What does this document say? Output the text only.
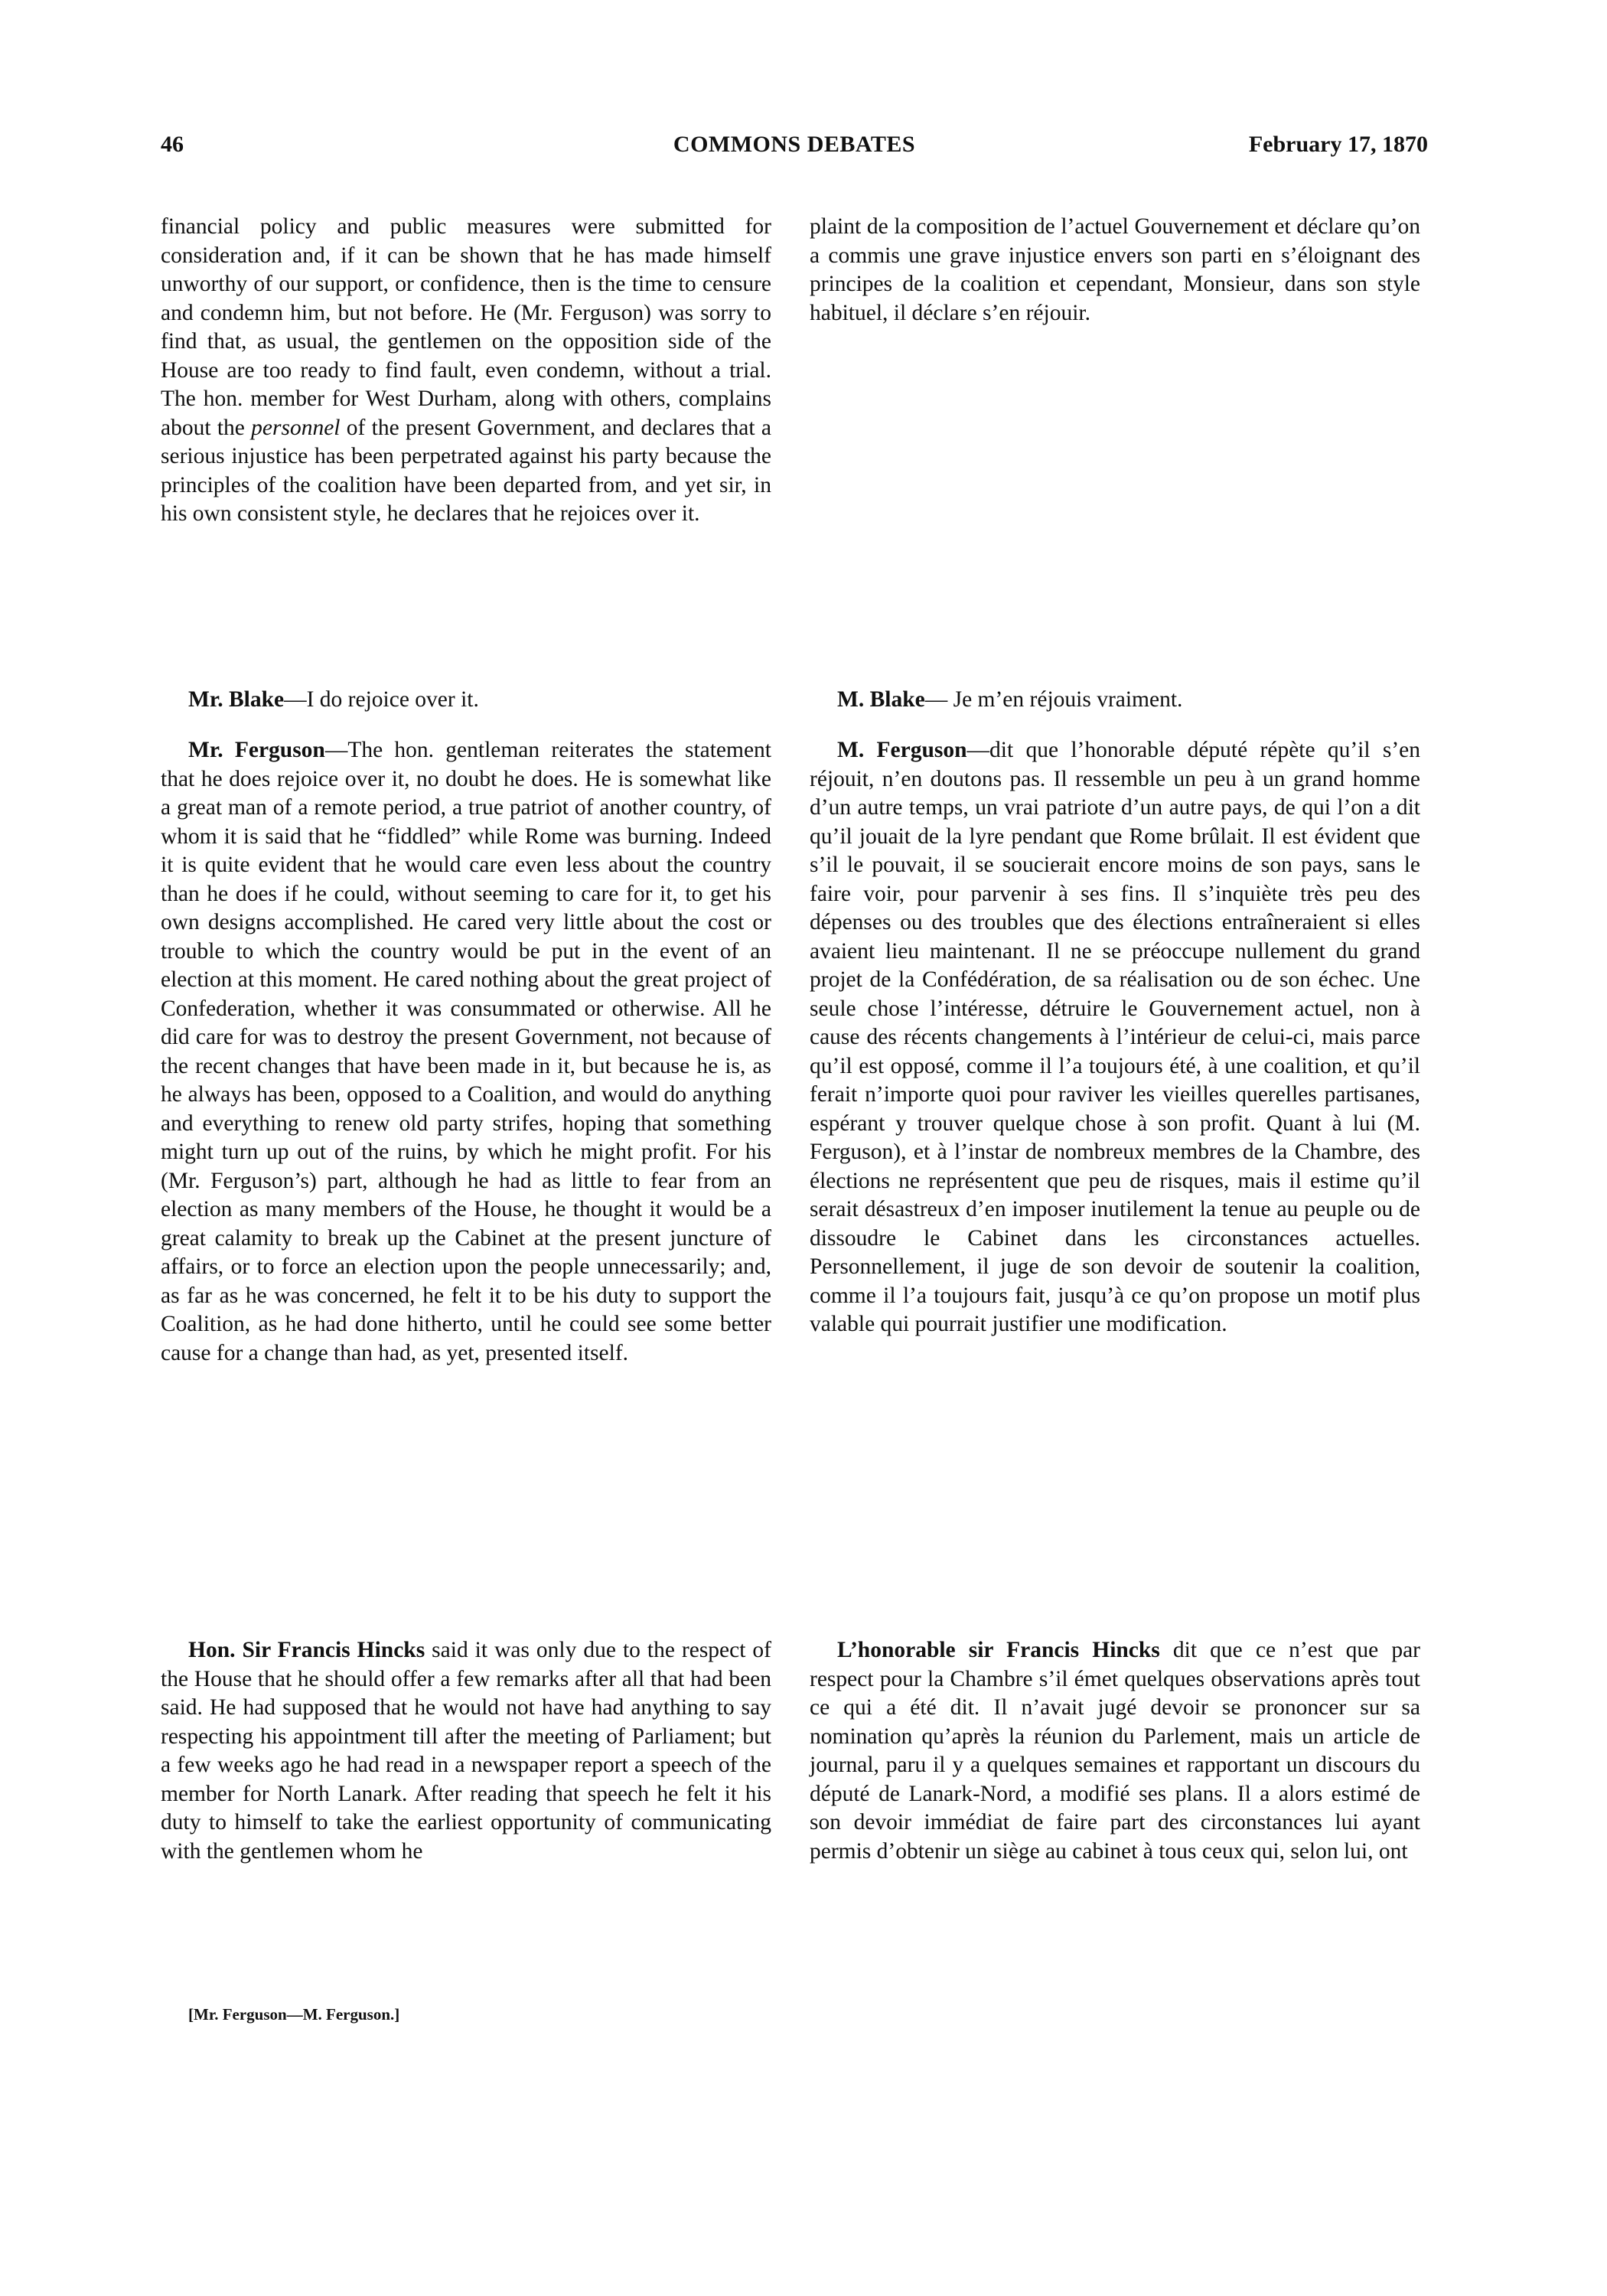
46	COMMONS DEBATES	February 17, 1870

financial policy and public measures were submitted for consideration and, if it can be shown that he has made himself unworthy of our support, or confidence, then is the time to censure and condemn him, but not before. He (Mr. Ferguson) was sorry to find that, as usual, the gentlemen on the opposition side of the House are too ready to find fault, even condemn, without a trial. The hon. member for West Durham, along with others, complains about the personnel of the present Government, and declares that a serious injustice has been perpetrated against his party because the principles of the coalition have been departed from, and yet sir, in his own consistent style, he declares that he rejoices over it.

Mr. Blake—I do rejoice over it.

Mr. Ferguson—The hon. gentleman reiterates the statement that he does rejoice over it, no doubt he does. He is somewhat like a great man of a remote period, a true patriot of another country, of whom it is said that he “fiddled” while Rome was burning. Indeed it is quite evident that he would care even less about the country than he does if he could, without seeming to care for it, to get his own designs accomplished. He cared very little about the cost or trouble to which the country would be put in the event of an election at this moment. He cared nothing about the great project of Confederation, whether it was consummated or otherwise. All he did care for was to destroy the present Government, not because of the recent changes that have been made in it, but because he is, as he always has been, opposed to a Coalition, and would do anything and everything to renew old party strifes, hoping that something might turn up out of the ruins, by which he might profit. For his (Mr. Ferguson’s) part, although he had as little to fear from an election as many members of the House, he thought it would be a great calamity to break up the Cabinet at the present juncture of affairs, or to force an election upon the people unnecessarily; and, as far as he was concerned, he felt it to be his duty to support the Coalition, as he had done hitherto, until he could see some better cause for a change than had, as yet, presented itself.

Hon. Sir Francis Hincks said it was only due to the respect of the House that he should offer a few remarks after all that had been said. He had supposed that he would not have had anything to say respecting his appointment till after the meeting of Parliament; but a few weeks ago he had read in a newspaper report a speech of the member for North Lanark. After reading that speech he felt it his duty to himself to take the earliest opportunity of communicating with the gentlemen whom he

plaint de la composition de l’actuel Gouvernement et déclare qu’on a commis une grave injustice envers son parti en s’éloignant des principes de la coalition et cependant, Monsieur, dans son style habituel, il déclare s’en réjouir.

M. Blake— Je m’en réjouis vraiment.

M. Ferguson—dit que l’honorable député répète qu’il s’en réjouit, n’en doutons pas. Il ressemble un peu à un grand homme d’un autre temps, un vrai patriote d’un autre pays, de qui l’on a dit qu’il jouait de la lyre pendant que Rome brûlait. Il est évident que s’il le pouvait, il se soucierait encore moins de son pays, sans le faire voir, pour parvenir à ses fins. Il s’inquiète très peu des dépenses ou des troubles que des élections entraîneraient si elles avaient lieu maintenant. Il ne se préoccupe nullement du grand projet de la Confédération, de sa réalisation ou de son échec. Une seule chose l’intéresse, détruire le Gouvernement actuel, non à cause des récents changements à l’intérieur de celui-ci, mais parce qu’il est opposé, comme il l’a toujours été, à une coalition, et qu’il ferait n’importe quoi pour raviver les vieilles querelles partisanes, espérant y trouver quelque chose à son profit. Quant à lui (M. Ferguson), et à l’instar de nombreux membres de la Chambre, des élections ne représentent que peu de risques, mais il estime qu’il serait désastreux d’en imposer inutilement la tenue au peuple ou de dissoudre le Cabinet dans les circonstances actuelles. Personnellement, il juge de son devoir de soutenir la coalition, comme il l’a toujours fait, jusqu’à ce qu’on propose un motif plus valable qui pourrait justifier une modification.

L’honorable sir Francis Hincks dit que ce n’est que par respect pour la Chambre s’il émet quelques observations après tout ce qui a été dit. Il n’avait jugé devoir se prononcer sur sa nomination qu’après la réunion du Parlement, mais un article de journal, paru il y a quelques semaines et rapportant un discours du député de Lanark-Nord, a modifié ses plans. Il a alors estimé de son devoir immédiat de faire part des circonstances lui ayant permis d’obtenir un siège au cabinet à tous ceux qui, selon lui, ont

[Mr. Ferguson—M. Ferguson.]
